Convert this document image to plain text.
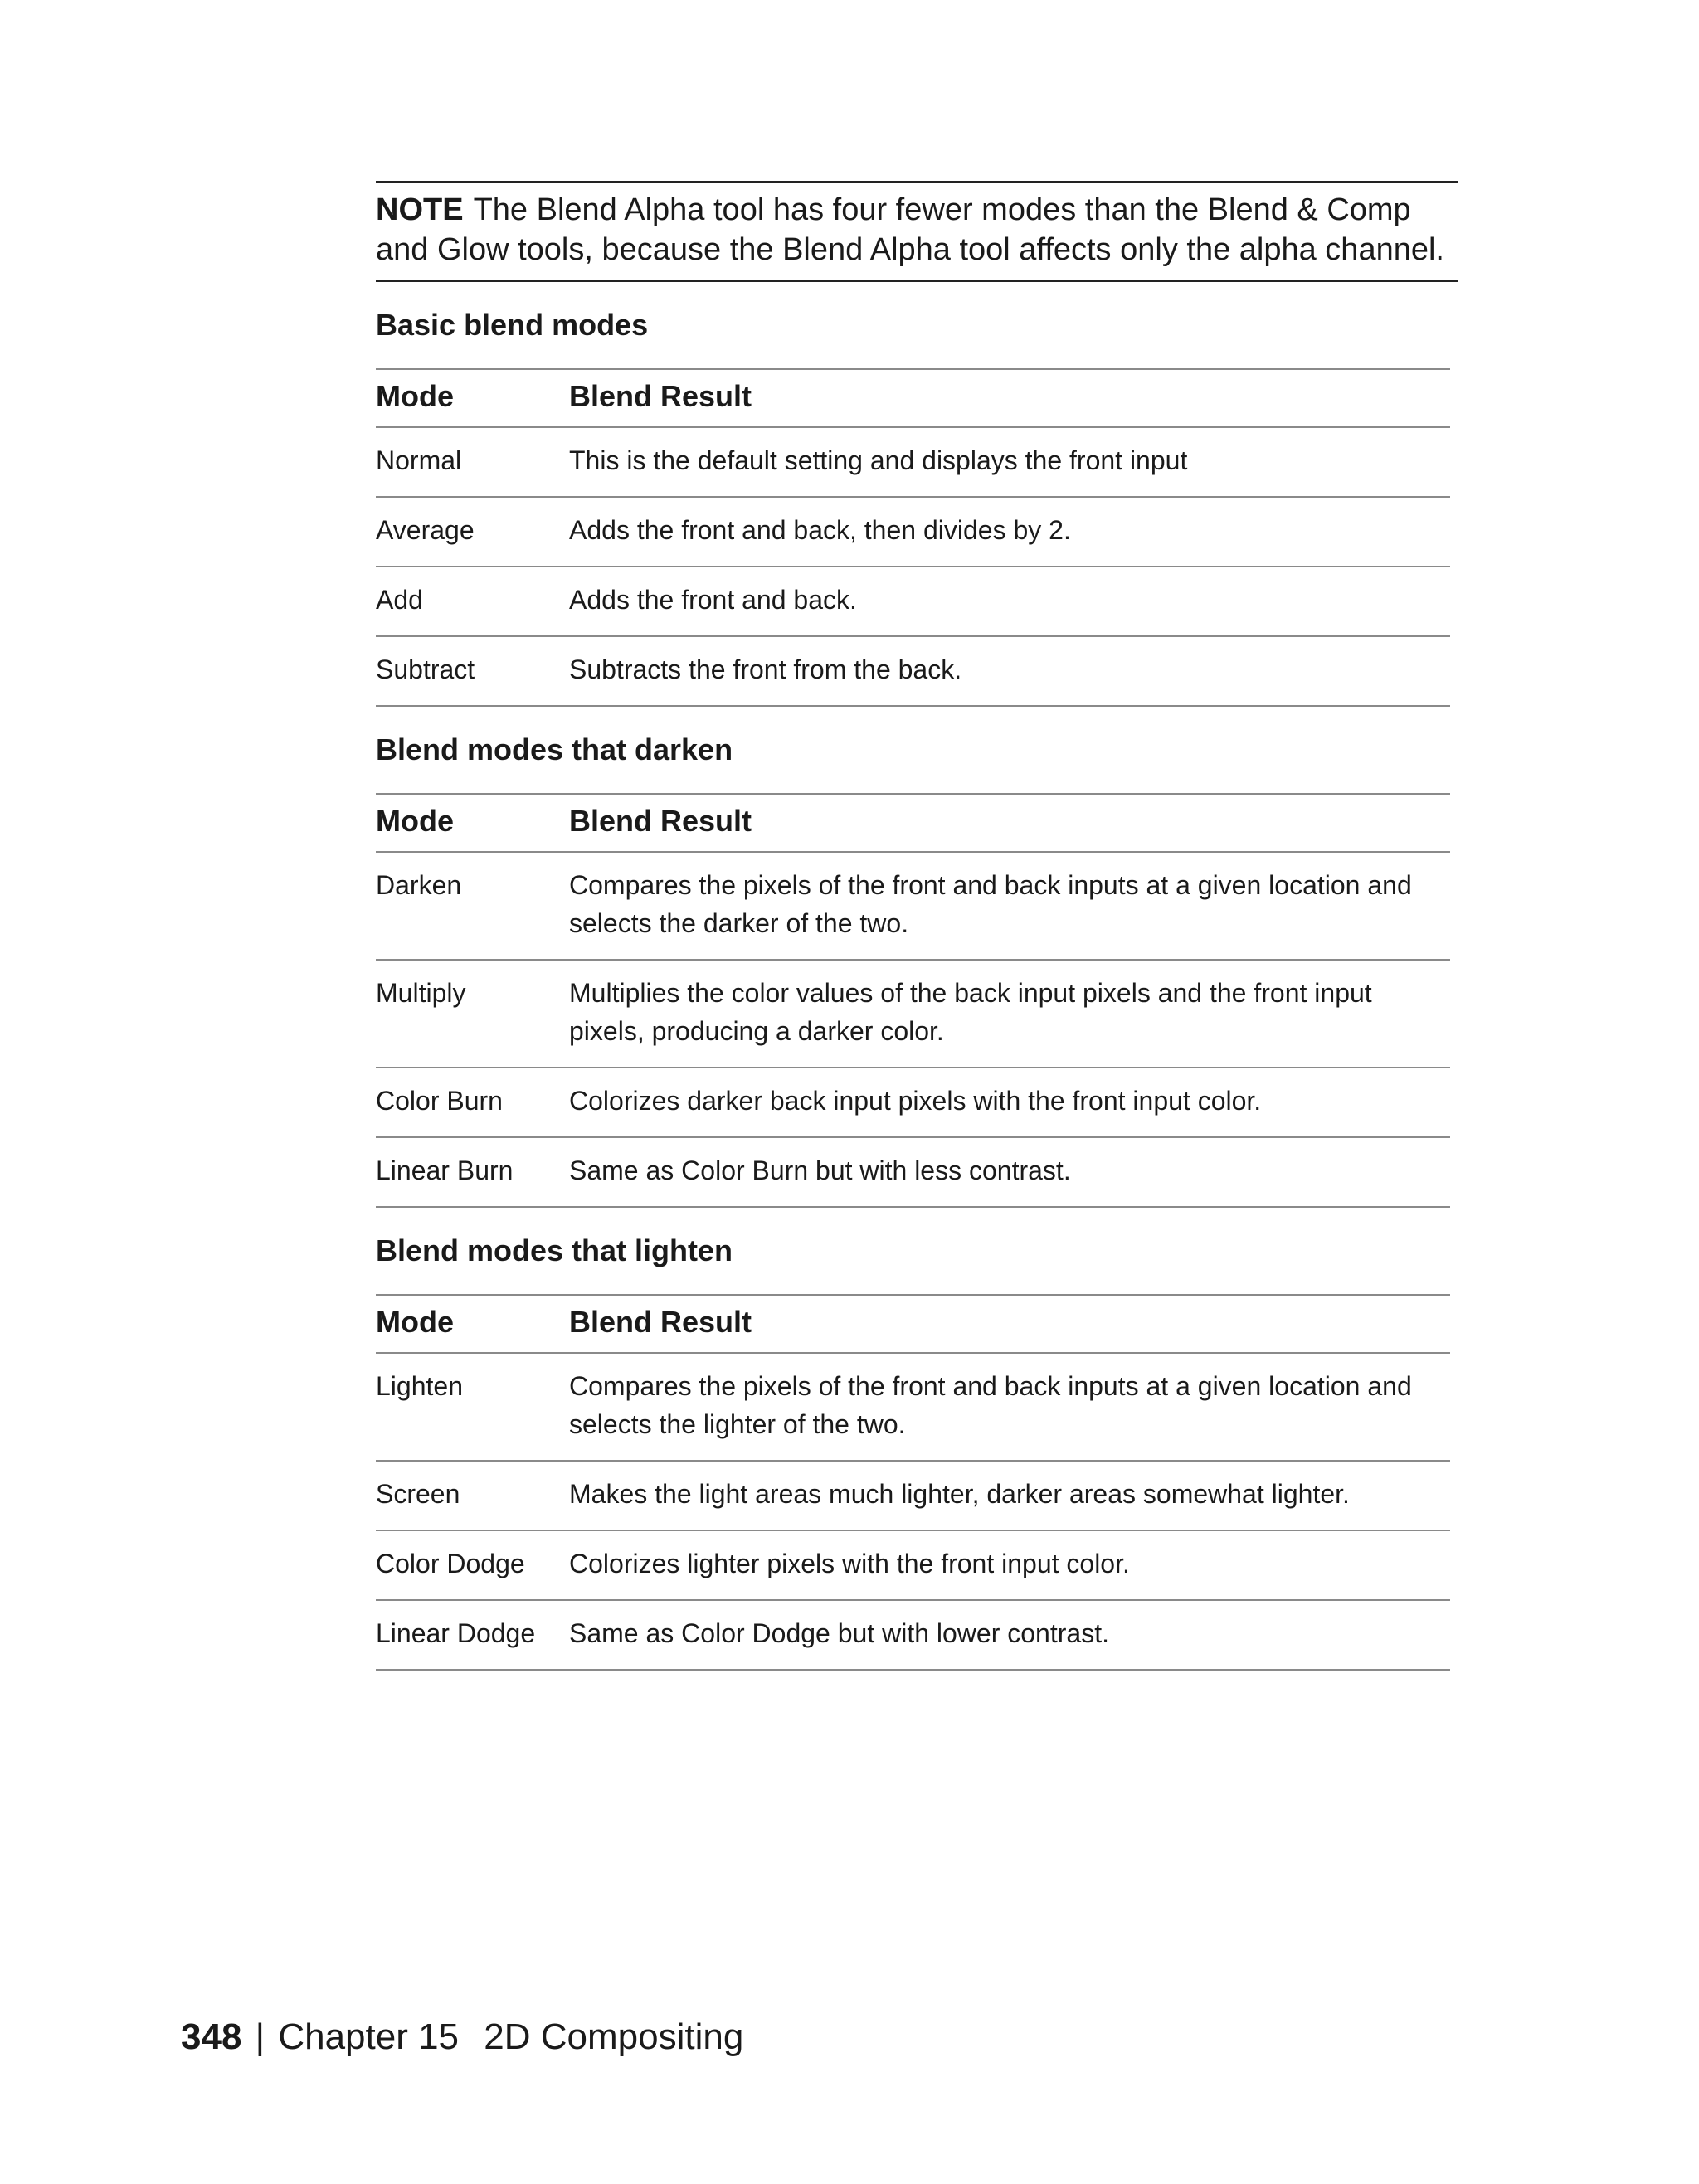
NOTE The Blend Alpha tool has four fewer modes than the Blend & Comp and Glow tools, because the Blend Alpha tool affects only the alpha channel.
Basic blend modes
Mode	Blend Result
Normal	This is the default setting and displays the front input
Average	Adds the front and back, then divides by 2.
Add	Adds the front and back.
Subtract	Subtracts the front from the back.
Blend modes that darken
Mode	Blend Result
Darken	Compares the pixels of the front and back inputs at a given location and selects the darker of the two.
Multiply	Multiplies the color values of the back input pixels and the front input pixels, producing a darker color.
Color Burn	Colorizes darker back input pixels with the front input color.
Linear Burn	Same as Color Burn but with less contrast.
Blend modes that lighten
Mode	Blend Result
Lighten	Compares the pixels of the front and back inputs at a given location and selects the lighter of the two.
Screen	Makes the light areas much lighter, darker areas somewhat lighter.
Color Dodge	Colorizes lighter pixels with the front input color.
Linear Dodge	Same as Color Dodge but with lower contrast.
348 | Chapter 15 2D Compositing
